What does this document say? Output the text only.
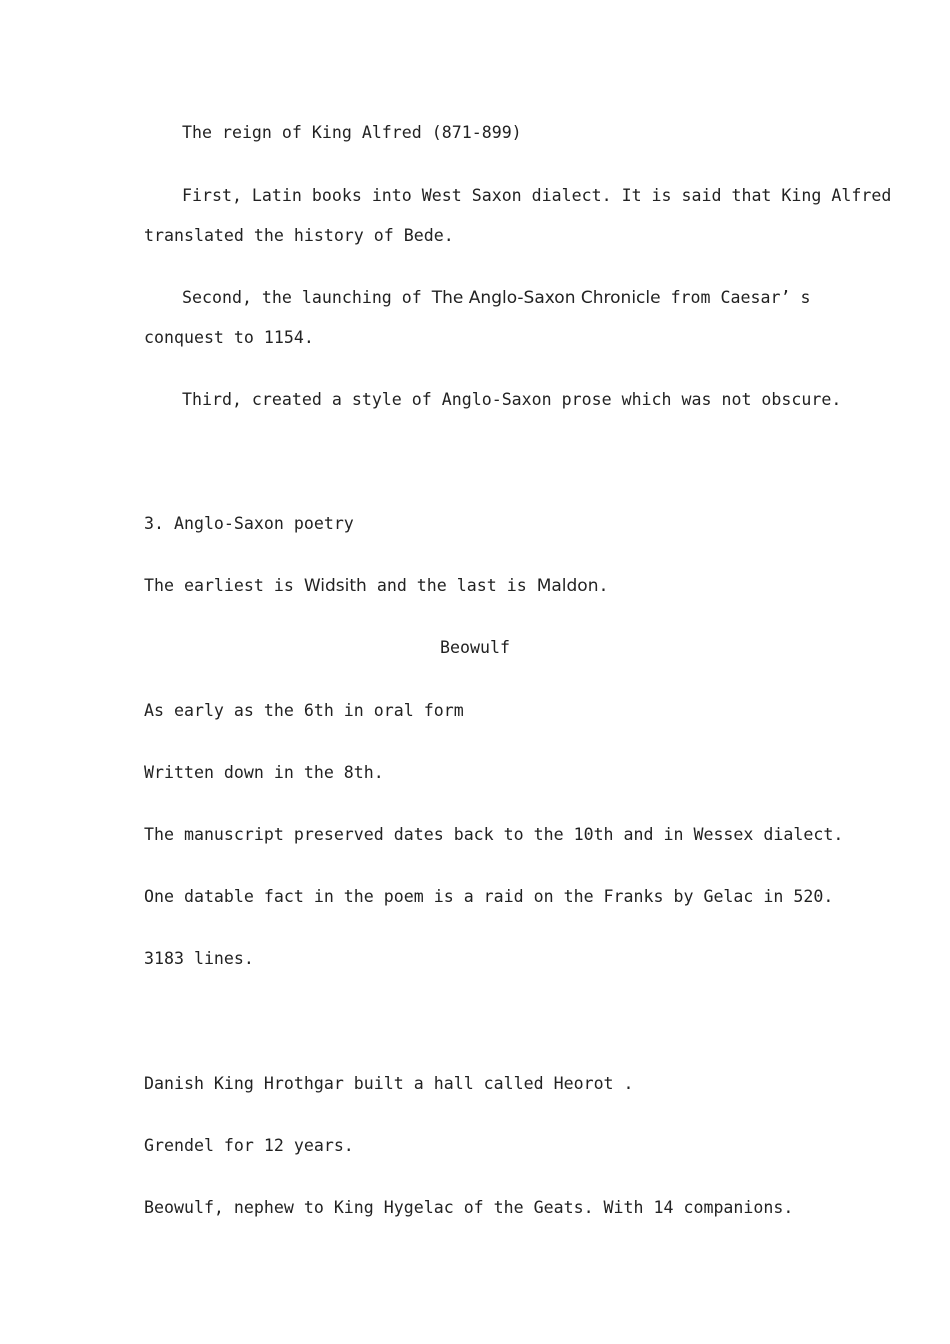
The reign of King Alfred (871-899)

First, Latin books into West Saxon dialect. It is said that King Alfred

translated the history of Bede.

Second, the launching of The Anglo-Saxon Chronicle from Caesar’ s

conquest to 1154.

Third, created a style of Anglo-Saxon prose which was not obscure.

3. Anglo-Saxon poetry

The earliest is Widsith and the last is Maldon.

Beowulf

As early as the 6th in oral form

Written down in the 8th.

The manuscript preserved dates back to the 10th and in Wessex dialect.

One datable fact in the poem is a raid on the Franks by Gelac in 520.

3183 lines.

Danish King Hrothgar built a hall called Heorot .

Grendel for 12 years.

Beowulf, nephew to King Hygelac of the Geats. With 14 companions.
